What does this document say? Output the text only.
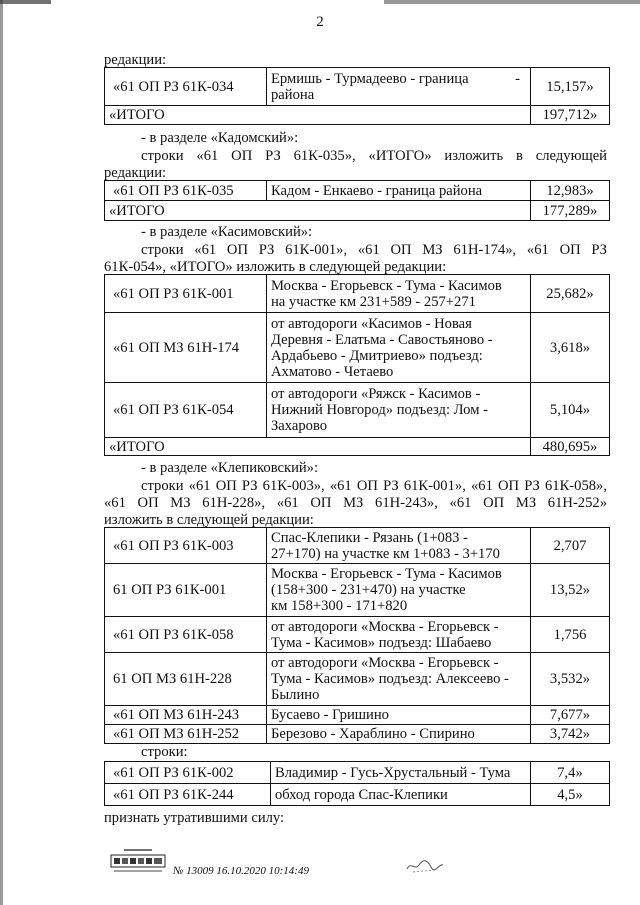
2
редакции:
«61 ОП РЗ 61К-034	-
Ермишь - Турмадеево - граница
района	15,157»
«ИТОГО		197,712»
- в разделе «Кадомский»:
строки «61 ОП РЗ 61К-035», «ИТОГО» изложить в следующей
редакции:
«61 ОП РЗ 61К-035	Кадом - Енкаево - граница района	12,983»
«ИТОГО		177,289»
- в разделе «Касимовский»:
строки «61 ОП РЗ 61К-001», «61 ОП МЗ 61Н-174», «61 ОП РЗ
61К-054», «ИТОГО» изложить в следующей редакции:
«61 ОП РЗ 61К-001	Москва - Егорьевск - Тума - Касимов
на участке км 231+589 - 257+271	25,682»
«61 ОП МЗ 61Н-174	от автодороги «Касимов - Новая
Деревня - Елатьма - Савостьяново -
Ардабьево - Дмитриево» подъезд:
Ахматово - Четаево	3,618»
«61 ОП РЗ 61К-054	от автодороги «Ряжск - Касимов -
Нижний Новгород» подъезд: Лом -
Захарово	5,104»
«ИТОГО		480,695»
- в разделе «Клепиковский»:
строки «61 ОП РЗ 61К-003», «61 ОП РЗ 61К-001», «61 ОП РЗ 61К-058»,
«61 ОП МЗ 61Н-228», «61 ОП МЗ 61Н-243», «61 ОП МЗ 61Н-252»
изложить в следующей редакции:
«61 ОП РЗ 61К-003	Спас-Клепики - Рязань (1+083 -
27+170) на участке км 1+083 - 3+170	2,707
61 ОП РЗ 61К-001	Москва - Егорьевск - Тума - Касимов
(158+300 - 231+470) на участке
км 158+300 - 171+820	13,52»
«61 ОП РЗ 61К-058	от автодороги «Москва - Егорьевск -
Тума - Касимов» подъезд: Шабаево	1,756
61 ОП МЗ 61Н-228	от автодороги «Москва - Егорьевск -
Тума - Касимов» подъезд: Алексеево -
Былино	3,532»
«61 ОП МЗ 61Н-243	Бусаево - Гришино	7,677»
«61 ОП МЗ 61Н-252	Березово - Хараблино - Спирино	3,742»
строки:
«61 ОП РЗ 61К-002	Владимир - Гусь-Хрустальный - Тума	7,4»
«61 ОП РЗ 61К-244	обход города Спас-Клепики	4,5»
признать утратившими силу:
№ 13009 16.10.2020 10:14:49
